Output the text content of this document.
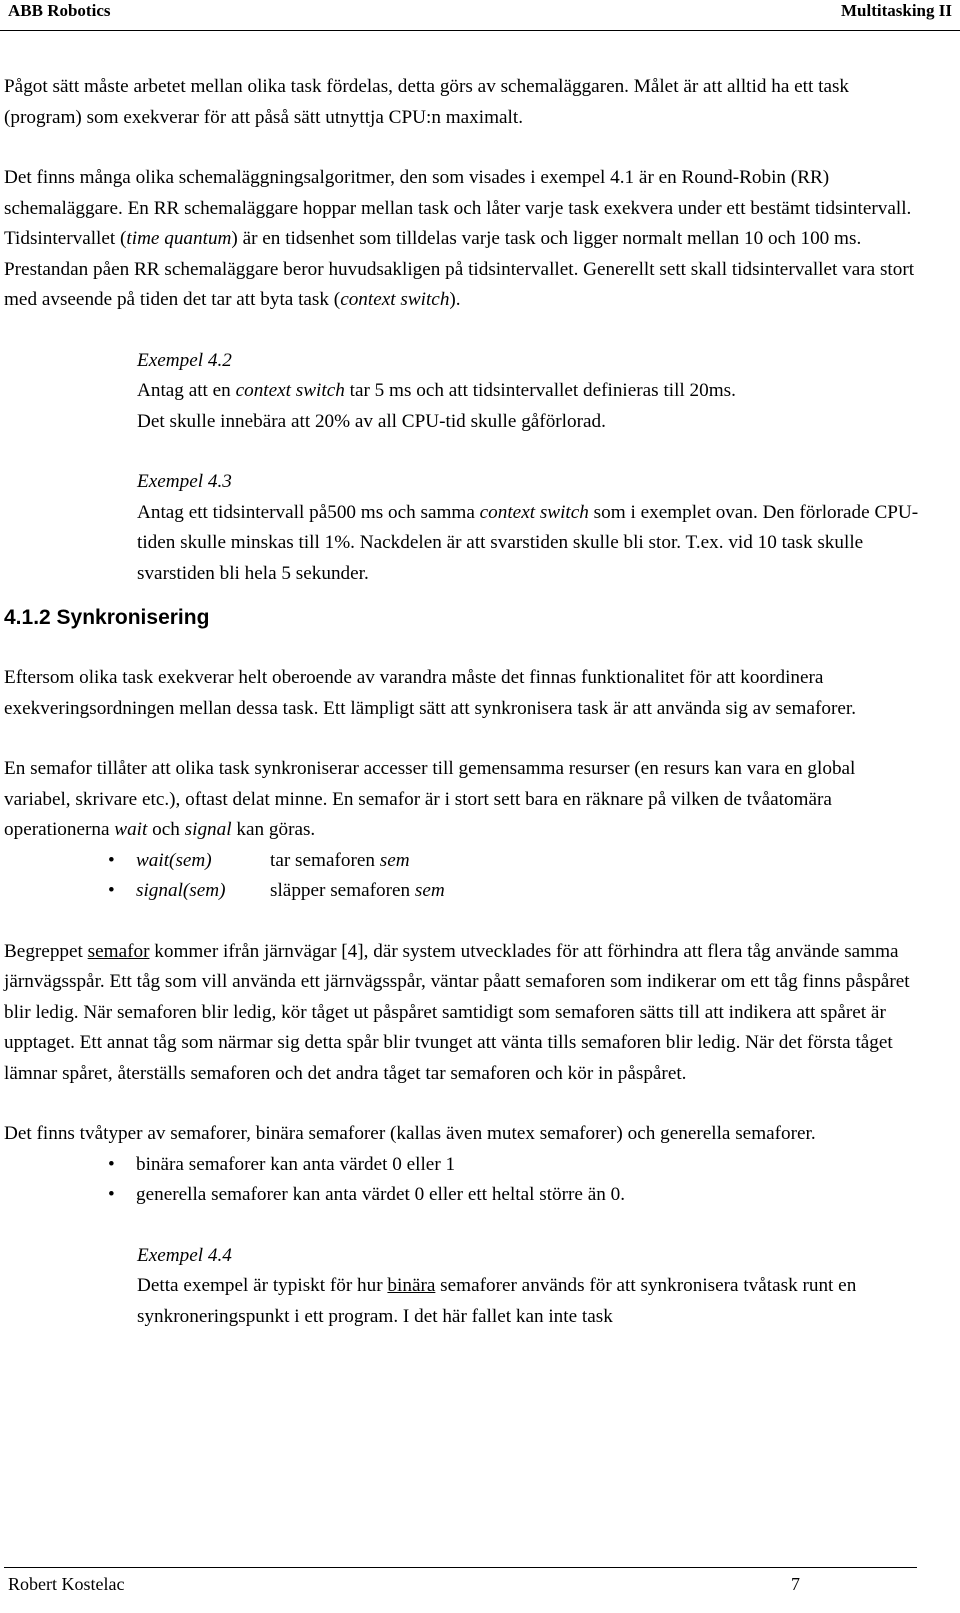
ABB Robotics	Multitasking II

Pågot sätt måste arbetet mellan olika task fördelas, detta görs av schemaläggaren. Målet är att alltid ha ett task (program) som exekverar för att påså sätt utnyttja CPU:n maximalt.

Det finns många olika schemaläggningsalgoritmer, den som visades i exempel 4.1 är en Round-Robin (RR) schemaläggare. En RR schemaläggare hoppar mellan task och låter varje task exekvera under ett bestämt tidsintervall. Tidsintervallet (time quantum) är en tidsenhet som tilldelas varje task och ligger normalt mellan 10 och 100 ms. Prestandan påen RR schemaläggare beror huvudsakligen på tidsintervallet. Generellt sett skall tidsintervallet vara stort med avseende på tiden det tar att byta task (context switch).

Exempel 4.2

Antag att en context switch tar 5 ms och att tidsintervallet definieras till 20ms.

Det skulle innebära att 20% av all CPU-tid skulle gåförlorad.

Exempel 4.3

Antag ett tidsintervall på500 ms och samma context switch som i exemplet ovan. Den förlorade CPU-tiden skulle minskas till 1%. Nackdelen är att svarstiden skulle bli stor. T.ex. vid 10 task skulle svarstiden bli hela 5 sekunder.

4.1.2 Synkronisering

Eftersom olika task exekverar helt oberoende av varandra måste det finnas funktionalitet för att koordinera exekveringsordningen mellan dessa task. Ett lämpligt sätt att synkronisera task är att använda sig av semaforer.

En semafor tillåter att olika task synkroniserar accesser till gemensamma resurser (en resurs kan vara en global variabel, skrivare etc.), oftast delat minne. En semafor är i stort sett bara en räknare på vilken de tvåatomära operationerna wait och signal kan göras.

• wait(sem)	tar semaforen sem
• signal(sem) släpper semaforen sem

Begreppet semafor kommer ifrån järnvägar [4], där system utvecklades för att förhindra att flera tåg använde samma järnvägsspår. Ett tåg som vill använda ett järnvägsspår, väntar påatt semaforen som indikerar om ett tåg finns påspåret blir ledig. När semaforen blir ledig, kör tåget ut påspåret samtidigt som semaforen sätts till att indikera att spåret är upptaget. Ett annat tåg som närmar sig detta spår blir tvunget att vänta tills semaforen blir ledig. När det första tåget lämnar spåret, återställs semaforen och det andra tåget tar semaforen och kör in påspåret.

Det finns tvåtyper av semaforer, binära semaforer (kallas även mutex semaforer) och generella semaforer.

• binära semaforer kan anta värdet 0 eller 1
• generella semaforer kan anta värdet 0 eller ett heltal större än 0.

Exempel 4.4

Detta exempel är typiskt för hur binära semaforer används för att synkronisera tvåtask runt en synkroneringspunkt i ett program. I det här fallet kan inte task

Robert Kostelac	7
